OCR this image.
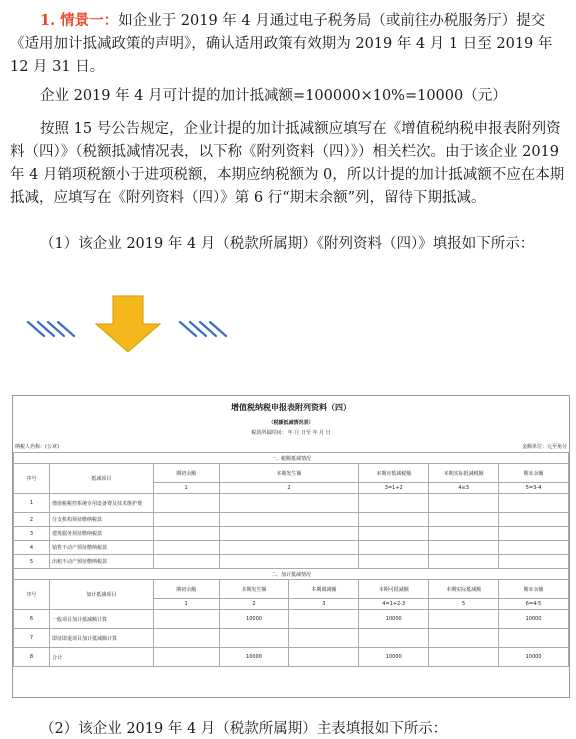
1. 情景一：如企业于 2019 年 4 月通过电子税务局（或前往办税服务厅）提交《适用加计抵减政策的声明》，确认适用政策有效期为 2019 年 4 月 1 日至 2019 年 12 月 31 日。

企业 2019 年 4 月可计提的加计抵减额=100000×10%=10000（元）

按照 15 号公告规定，企业计提的加计抵减额应填写在《增值税纳税申报表附列资料（四）》（税额抵减情况表，以下称《附列资料（四）》）相关栏次。由于该企业 2019 年 4 月销项税额小于进项税额，本期应纳税额为 0，所以计提的加计抵减额不应在本期抵减，应填写在《附列资料（四）》第 6 行“期末余额”列，留待下期抵减。

（1）该企业 2019 年 4 月（税款所属期）《附列资料（四）》填报如下所示：

增值税纳税申报表附列资料（四）
（税额抵减情况表）
税款所属时间： 年 月 日至 年 月 日
纳税人名称：(公章)	金额单位：元至角分
一、税额抵减情况							
序号	抵减项目	期初余额	本期发生额		本期应抵减税额	本期实际抵减税额	期末余额
		1	2		3=1+2	4≤3	5=3-4
1	增值税税控系统专用设备费及技术维护费						
2	分支机构预征缴纳税款						
3	建筑服务预征缴纳税款						
4	销售不动产预征缴纳税款						
5	出租不动产预征缴纳税款						
二、加计抵减情况							
序号	加计抵减项目	期初余额	本期发生额	本期调减额	本期可抵减额	本期实际抵减额	期末余额
		1	2	3	4=1+2-3	5	6=4-5
6	一般项目加计抵减额计算		10000		10000		10000
7	即征即退项目加计抵减额计算						
8	合计		10000		10000		10000

（2）该企业 2019 年 4 月（税款所属期）主表填报如下所示：
